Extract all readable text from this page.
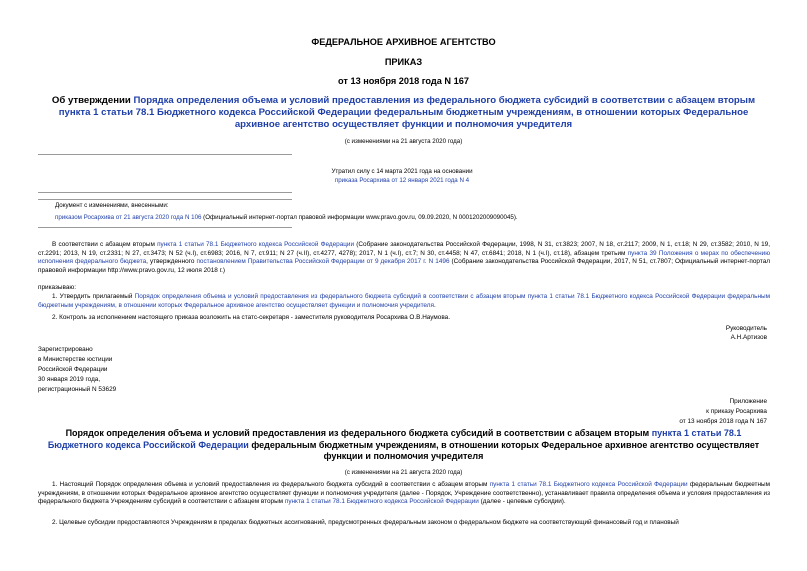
ФЕДЕРАЛЬНОЕ АРХИВНОЕ АГЕНТСТВО
ПРИКАЗ
от 13 ноября 2018 года N 167
Об утверждении Порядка определения объема и условий предоставления из федерального бюджета субсидий в соответствии с абзацем вторым пункта 1 статьи 78.1 Бюджетного кодекса Российской Федерации федеральным бюджетным учреждениям, в отношении которых Федеральное архивное агентство осуществляет функции и полномочия учредителя
(с изменениями на 21 августа 2020 года)
Утратил силу с 14 марта 2021 года на основании
приказа Росархива от 12 января 2021 года N 4
Документ с изменениями, внесенными:
приказом Росархива от 21 августа 2020 года N 106 (Официальный интернет-портал правовой информации www.pravo.gov.ru, 09.09.2020, N 0001202009090045).
В соответствии с абзацем вторым пункта 1 статьи 78.1 Бюджетного кодекса Российской Федерации (Собрание законодательства Российской Федерации, 1998, N 31, ст.3823; 2007, N 18, ст.2117; 2009, N 1, ст.18; N 29, ст.3582; 2010, N 19, ст.2291; 2013, N 19, ст.2331; N 27, ст.3473; N 52 (ч.I), ст.6983; 2016, N 7, ст.911; N 27 (ч.II), ст.4277, 4278); 2017, N 1 (ч.I), ст.7; N 30, ст.4458; N 47, ст.6841; 2018, N 1 (ч.I), ст.18), абзацем третьим пункта 39 Положения о мерах по обеспечению исполнения федерального бюджета, утвержденного постановлением Правительства Российской Федерации от 9 декабря 2017 г. N 1496 (Собрание законодательства Российской Федерации, 2017, N 51, ст.7807; Официальный интернет-портал правовой информации http://www.pravo.gov.ru, 12 июля 2018 г.)
приказываю:
1. Утвердить прилагаемый Порядок определения объема и условий предоставления из федерального бюджета субсидий в соответствии с абзацем вторым пункта 1 статьи 78.1 Бюджетного кодекса Российской Федерации федеральным бюджетным учреждениям, в отношении которых Федеральное архивное агентство осуществляет функции и полномочия учредителя.
2. Контроль за исполнением настоящего приказа возложить на статс-секретаря - заместителя руководителя Росархива О.В.Наумова.
Руководитель
А.Н.Артизов
Зарегистрировано
в Министерстве юстиции
Российской Федерации
30 января 2019 года,
регистрационный N 53629
Приложение
к приказу Росархива
от 13 ноября 2018 года N 167
Порядок определения объема и условий предоставления из федерального бюджета субсидий в соответствии с абзацем вторым пункта 1 статьи 78.1 Бюджетного кодекса Российской Федерации федеральным бюджетным учреждениям, в отношении которых Федеральное архивное агентство осуществляет функции и полномочия учредителя
(с изменениями на 21 августа 2020 года)
1. Настоящий Порядок определения объема и условий предоставления из федерального бюджета субсидий в соответствии с абзацем вторым пункта 1 статьи 78.1 Бюджетного кодекса Российской Федерации федеральным бюджетным учреждениям, в отношении которых Федеральное архивное агентство осуществляет функции и полномочия учредителя (далее - Порядок, Учреждение соответственно), устанавливает правила определения объема и условия предоставления из федерального бюджета Учреждениям субсидий в соответствии с абзацем вторым пункта 1 статьи 78.1 Бюджетного кодекса Российской Федерации (далее - целевые субсидии).
2. Целевые субсидии предоставляются Учреждениям в пределах бюджетных ассигнований, предусмотренных федеральным законом о федеральном бюджете на соответствующий финансовый год и плановый
